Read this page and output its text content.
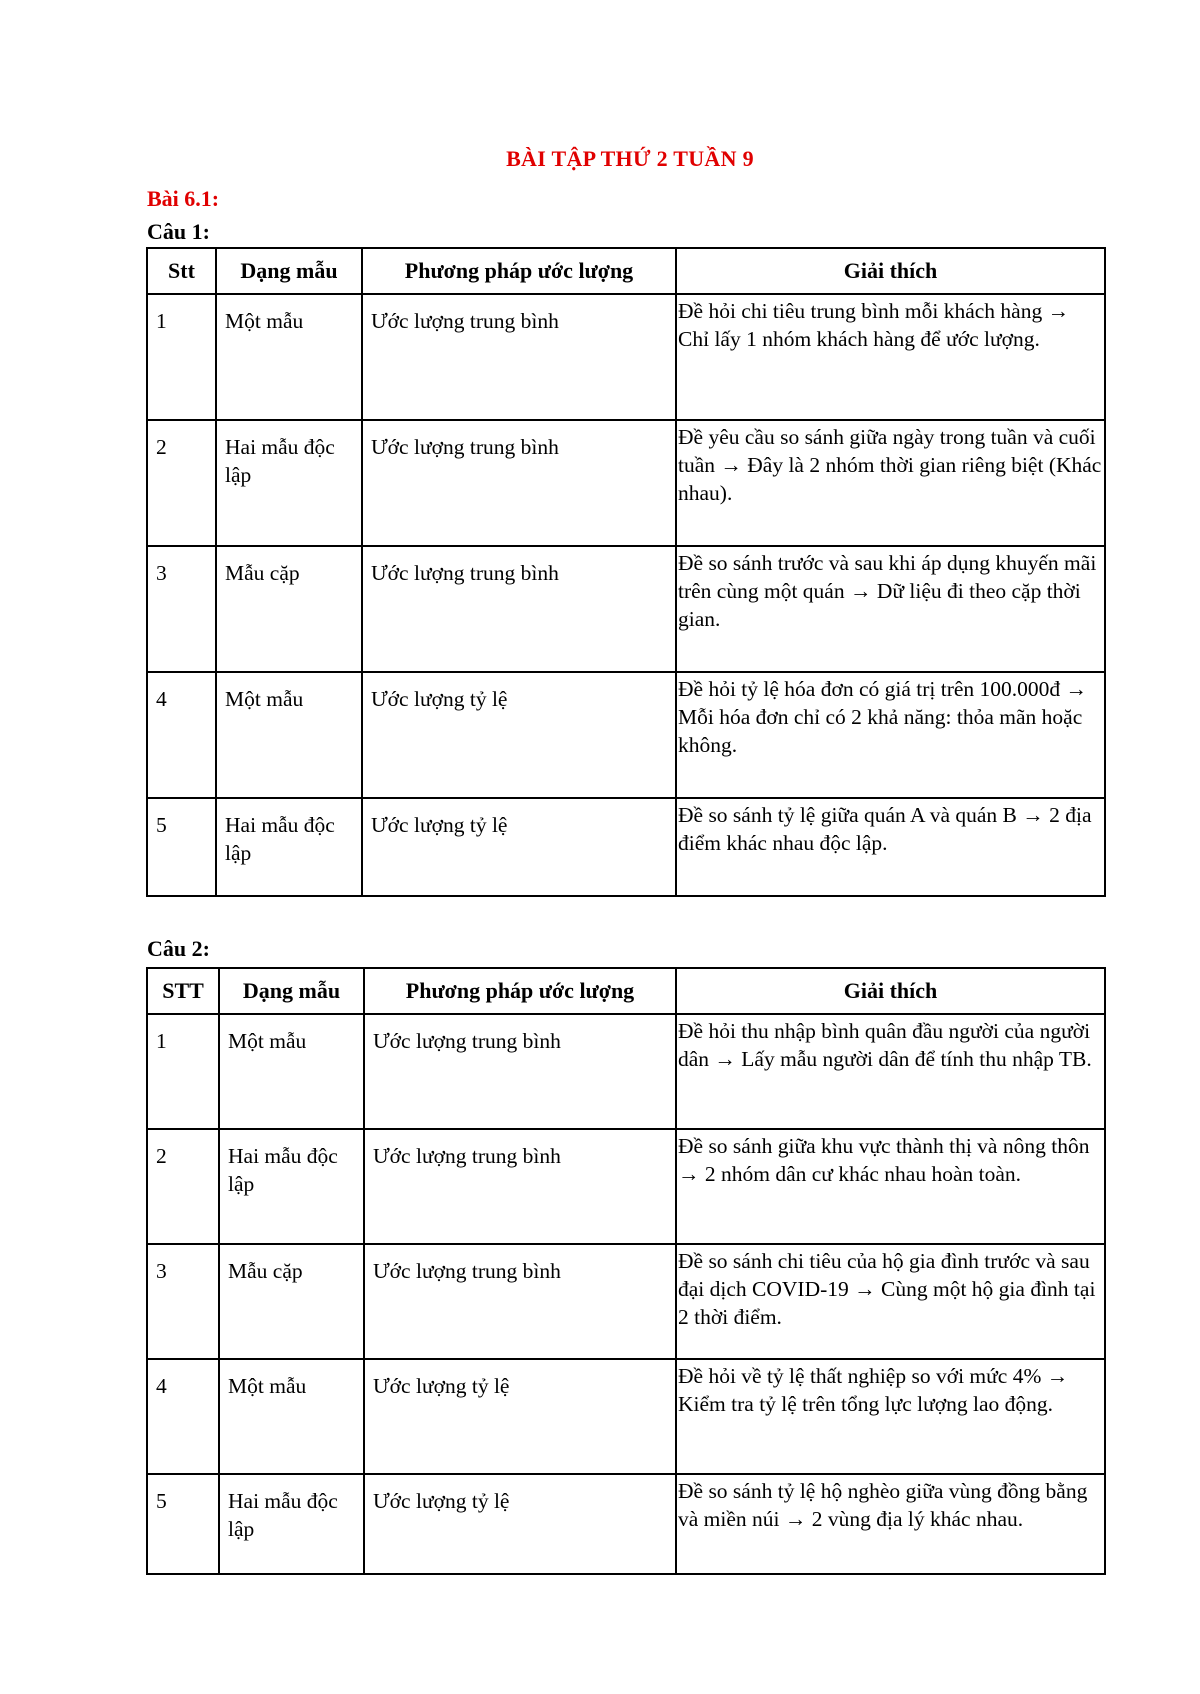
BÀI TẬP THỨ 2 TUẦN 9
Bài 6.1:
Câu 1:
Stt	Dạng mẫu	Phương pháp ước lượng	Giải thích
1	Một mẫu	Ước lượng trung bình	Đề hỏi chi tiêu trung bình mỗi khách hàng → Chỉ lấy 1 nhóm khách hàng để ước lượng.
2	Hai mẫu độc lập	Ước lượng trung bình	Đề yêu cầu so sánh giữa ngày trong tuần và cuối tuần → Đây là 2 nhóm thời gian riêng biệt (Khác nhau).
3	Mẫu cặp	Ước lượng trung bình	Đề so sánh trước và sau khi áp dụng khuyến mãi trên cùng một quán → Dữ liệu đi theo cặp thời gian.
4	Một mẫu	Ước lượng tỷ lệ	Đề hỏi tỷ lệ hóa đơn có giá trị trên 100.000đ → Mỗi hóa đơn chỉ có 2 khả năng: thỏa mãn hoặc không.
5	Hai mẫu độc lập	Ước lượng tỷ lệ	Đề so sánh tỷ lệ giữa quán A và quán B → 2 địa điểm khác nhau độc lập.
Câu 2:
STT	Dạng mẫu	Phương pháp ước lượng	Giải thích
1	Một mẫu	Ước lượng trung bình	Đề hỏi thu nhập bình quân đầu người của người dân → Lấy mẫu người dân để tính thu nhập TB.
2	Hai mẫu độc lập	Ước lượng trung bình	Đề so sánh giữa khu vực thành thị và nông thôn → 2 nhóm dân cư khác nhau hoàn toàn.
3	Mẫu cặp	Ước lượng trung bình	Đề so sánh chi tiêu của hộ gia đình trước và sau đại dịch COVID-19 → Cùng một hộ gia đình tại 2 thời điểm.
4	Một mẫu	Ước lượng tỷ lệ	Đề hỏi về tỷ lệ thất nghiệp so với mức 4% → Kiểm tra tỷ lệ trên tổng lực lượng lao động.
5	Hai mẫu độc lập	Ước lượng tỷ lệ	Đề so sánh tỷ lệ hộ nghèo giữa vùng đồng bằng và miền núi → 2 vùng địa lý khác nhau.
